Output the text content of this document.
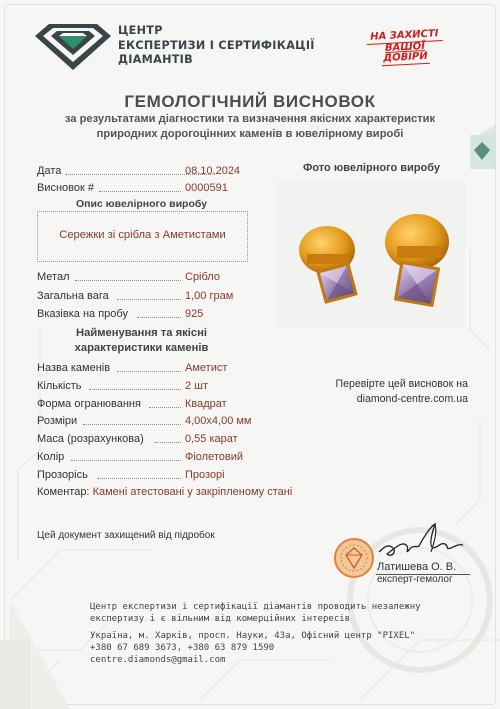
ЦЕНТР
ЕКСПЕРТИЗИ І СЕРТИФІКАЦІЇ
ДІАМАНТІВ
НА ЗАХИСТІ
ВАШОЇ
ДОВІРИ
ГЕМОЛОГІЧНИЙ ВИСНОВОК
за результатами діагностики та визначення якісних характеристик
природних дорогоцінних каменів в ювелірному виробі
Дата	08.10.2024
Висновок #	0000591
Опис ювелірного виробу
Сережки зі срібла з Аметистами
Метал	Срібло
Загальна вага	1,00 грам
Вказівка на пробу	925
Найменування та якісні
характеристики каменів
Назва каменів	Аметист
Кількість	2 шт
Форма огранювання	Квадрат
Розміри	4,00х4,00 мм
Маса (розрахункова)	0,55 карат
Колір	Фіолетовий
Прозорісь	Прозорі
Коментар: Камені атестовані у закріпленому стані
Фото ювелірного виробу
Перевірте цей висновок на
diamond-centre.com.ua
Цей документ захищений від підробок
Латишева О. В.
експерт-гемолог
Центр експертизи і сертифікації діамантів проводить незалежну
експертизу і є вільним від комерційних інтересів
Україна, м. Харків, просп. Науки, 43а, Офісний центр "PIXEL"
+380 67 689 3673, +380 63 879 1590
centre.diamonds@gmail.com
